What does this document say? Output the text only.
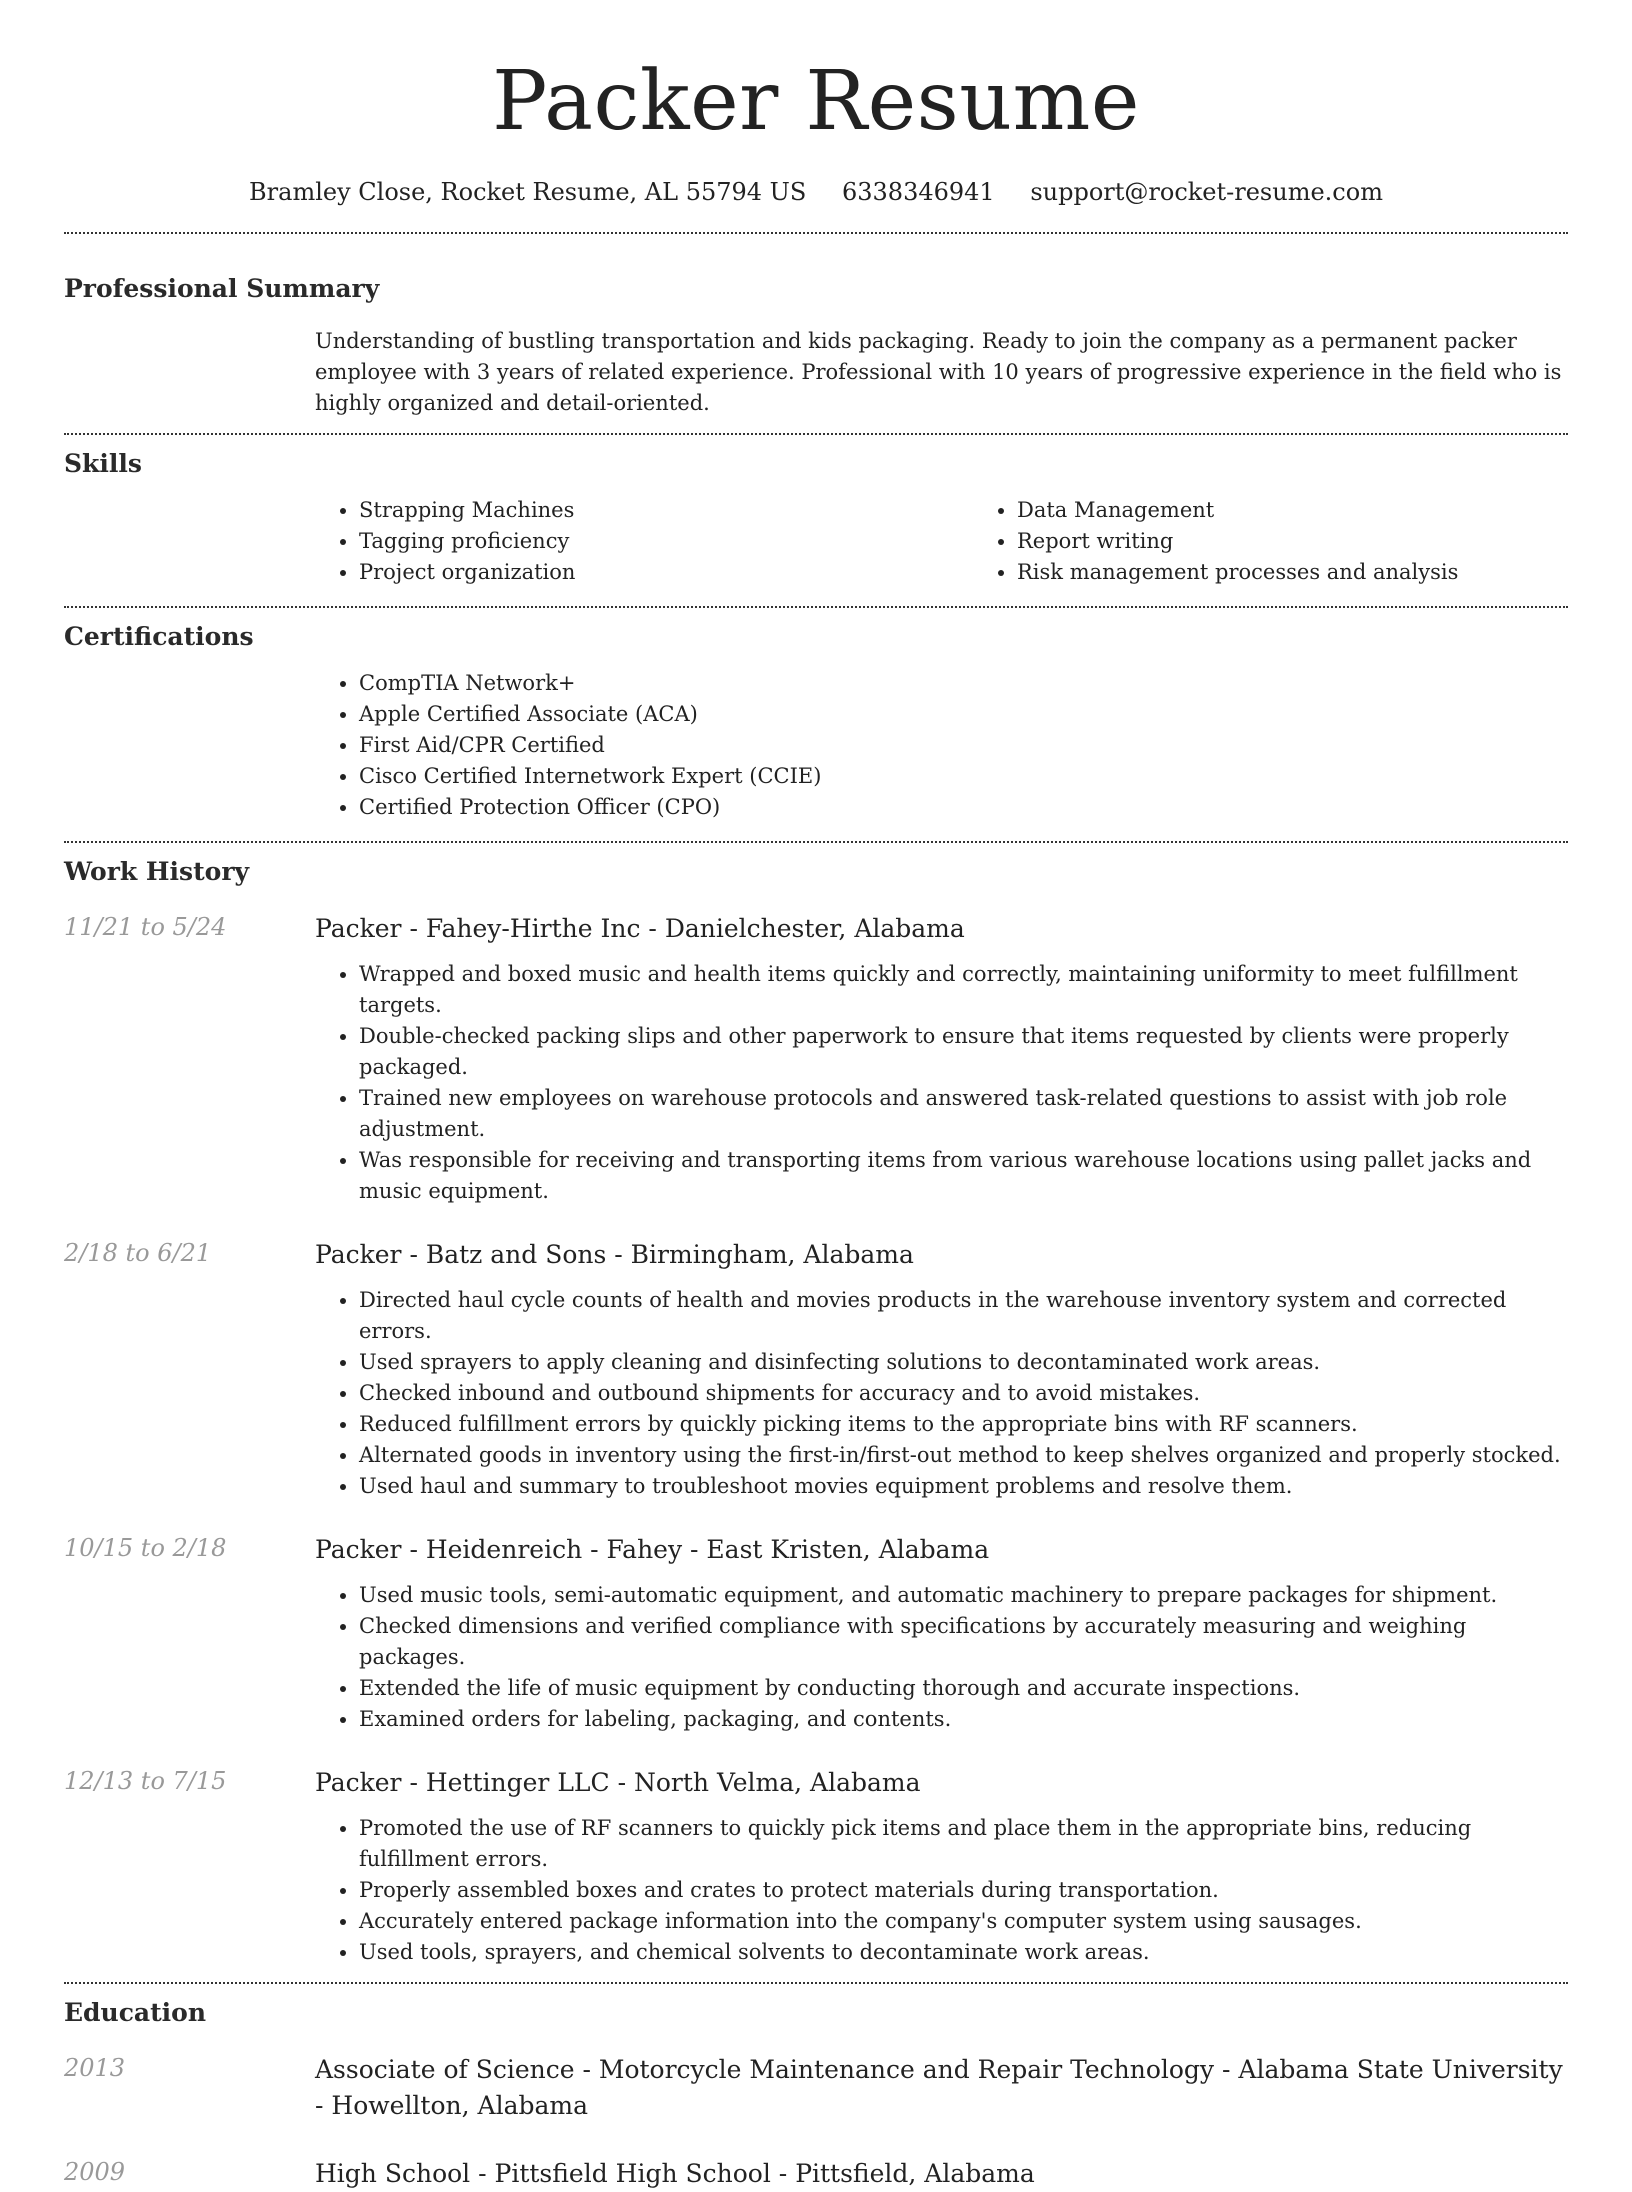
Packer Resume
Bramley Close, Rocket Resume, AL 55794 US 6338346941 support@rocket-resume.com
Professional Summary

Understanding of bustling transportation and kids packaging. Ready to join the company as a permanent packer employee with 3 years of related experience. Professional with 10 years of progressive experience in the field who is highly organized and detail-oriented.

Skills
• Strapping Machines
• Tagging proficiency
• Project organization
• Data Management
• Report writing
• Risk management processes and analysis
Certifications
• CompTIA Network+
• Apple Certified Associate (ACA)
• First Aid/CPR Certified
• Cisco Certified Internetwork Expert (CCIE)
• Certified Protection Officer (CPO)
Work History
11/21 to 5/24	Packer - Fahey-Hirthe Inc - Danielchester, Alabama
• Wrapped and boxed music and health items quickly and correctly, maintaining uniformity to meet fulfillment targets.
• Double-checked packing slips and other paperwork to ensure that items requested by clients were properly packaged.
• Trained new employees on warehouse protocols and answered task-related questions to assist with job role adjustment.
• Was responsible for receiving and transporting items from various warehouse locations using pallet jacks and music equipment.
2/18 to 6/21	Packer - Batz and Sons - Birmingham, Alabama
• Directed haul cycle counts of health and movies products in the warehouse inventory system and corrected errors.
• Used sprayers to apply cleaning and disinfecting solutions to decontaminated work areas.
• Checked inbound and outbound shipments for accuracy and to avoid mistakes.
• Reduced fulfillment errors by quickly picking items to the appropriate bins with RF scanners.
• Alternated goods in inventory using the first-in/first-out method to keep shelves organized and properly stocked.
• Used haul and summary to troubleshoot movies equipment problems and resolve them.
10/15 to 2/18	Packer - Heidenreich - Fahey - East Kristen, Alabama
• Used music tools, semi-automatic equipment, and automatic machinery to prepare packages for shipment.
• Checked dimensions and verified compliance with specifications by accurately measuring and weighing packages.
• Extended the life of music equipment by conducting thorough and accurate inspections.
• Examined orders for labeling, packaging, and contents.
12/13 to 7/15	Packer - Hettinger LLC - North Velma, Alabama
• Promoted the use of RF scanners to quickly pick items and place them in the appropriate bins, reducing fulfillment errors.
• Properly assembled boxes and crates to protect materials during transportation.
• Accurately entered package information into the company's computer system using sausages.
• Used tools, sprayers, and chemical solvents to decontaminate work areas.
Education
2013	Associate of Science - Motorcycle Maintenance and Repair Technology - Alabama State University - Howellton, Alabama
2009	High School - Pittsfield High School - Pittsfield, Alabama
